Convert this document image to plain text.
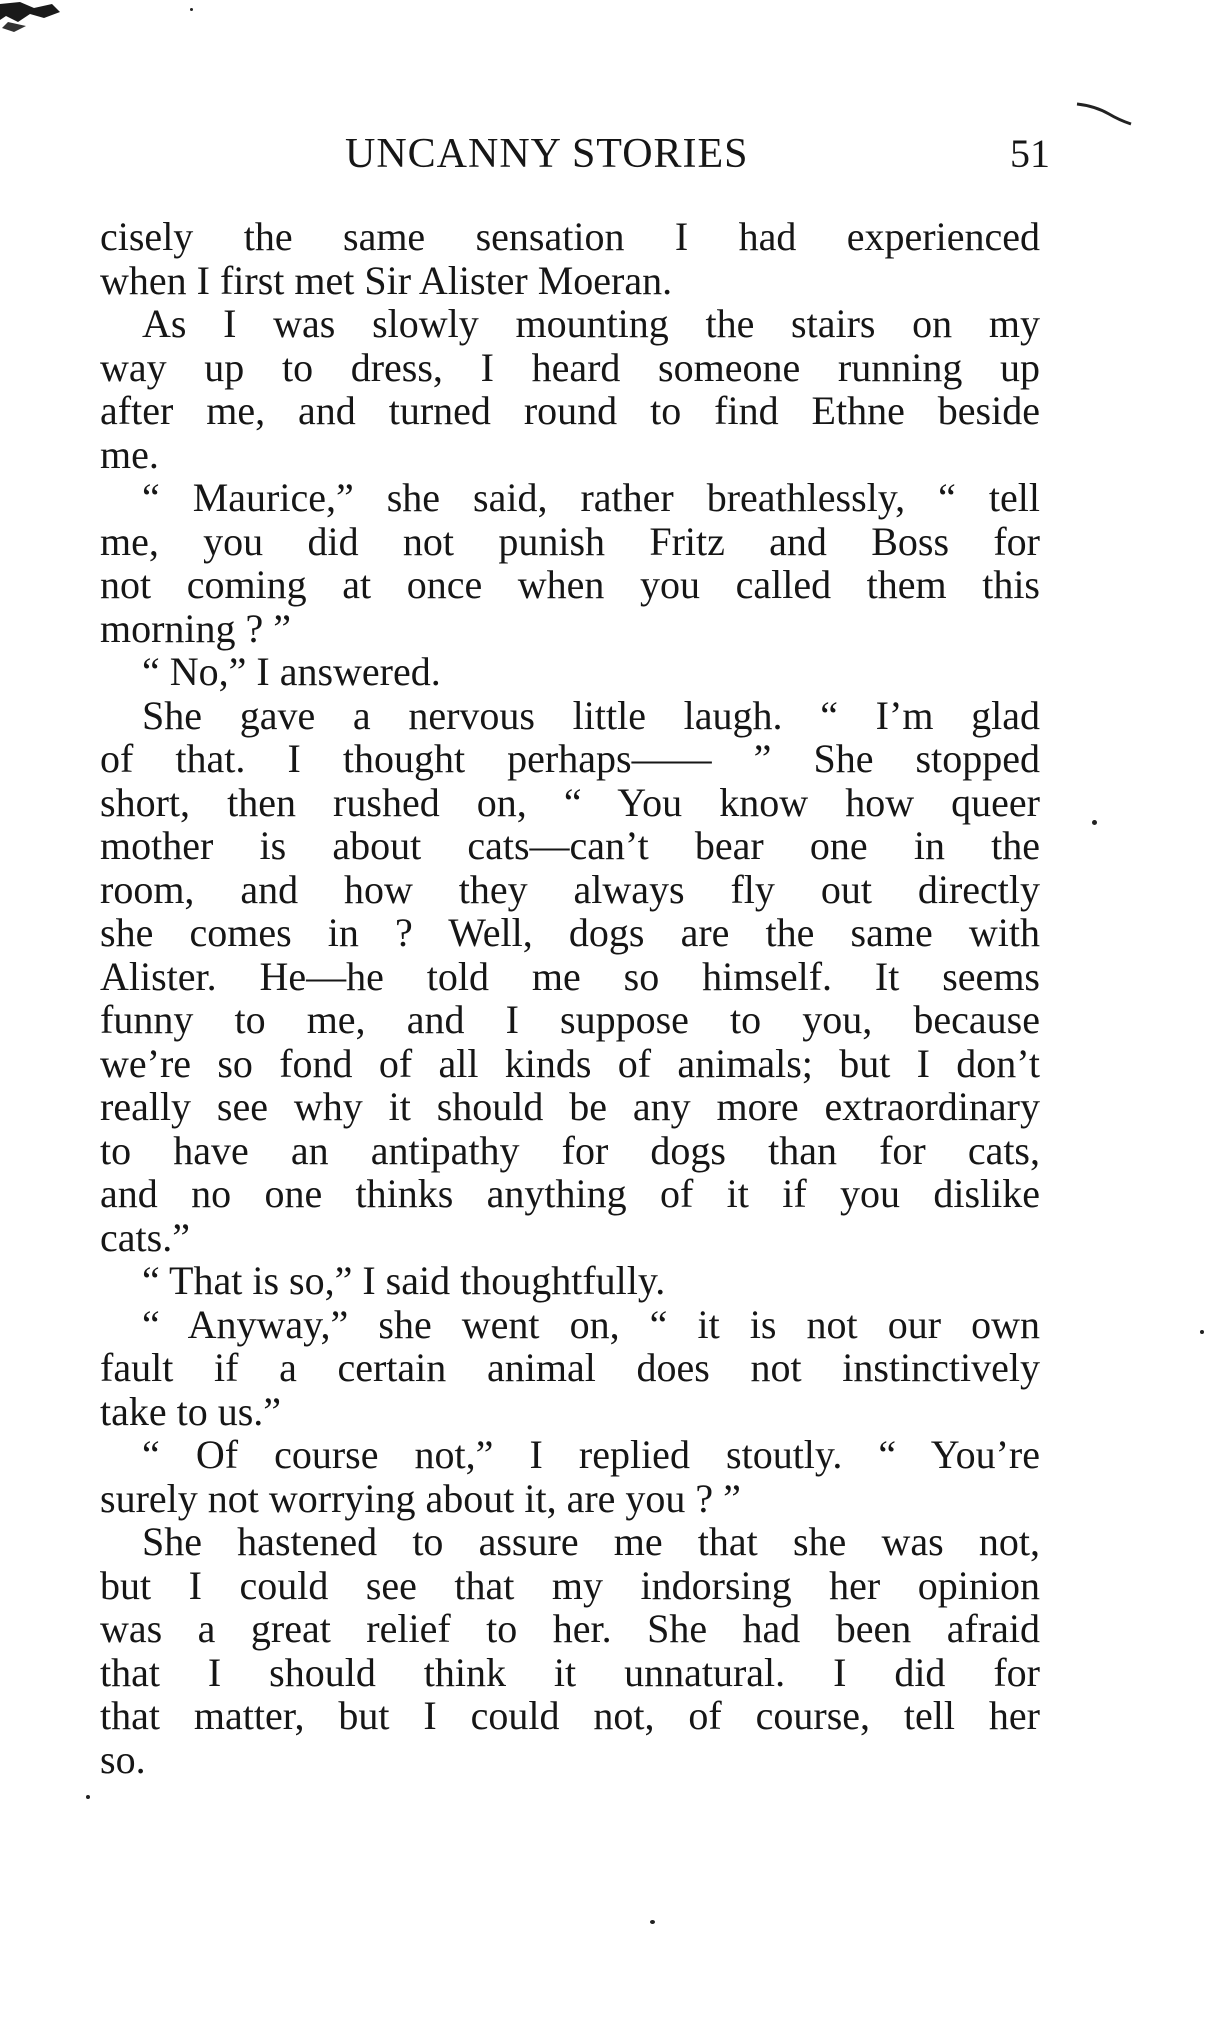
UNCANNY STORIES	51
cisely the same sensation I had experienced
when I first met Sir Alister Moeran.
As I was slowly mounting the stairs on my
way up to dress, I heard someone running up
after me, and turned round to find Ethne beside
me.
“ Maurice,” she said, rather breathlessly, “ tell
me, you did not punish Fritz and Boss for
not coming at once when you called them this
morning ? ”
“ No,” I answered.
She gave a nervous little laugh. “ I’m glad
of that. I thought perhaps—— ” She stopped
short, then rushed on, “ You know how queer
mother is about cats—can’t bear one in the
room, and how they always fly out directly
she comes in ? Well, dogs are the same with
Alister. He—he told me so himself. It seems
funny to me, and I suppose to you, because
we’re so fond of all kinds of animals; but I don’t
really see why it should be any more extraordinary
to have an antipathy for dogs than for cats,
and no one thinks anything of it if you dislike
cats.”
“ That is so,” I said thoughtfully.
“ Anyway,” she went on, “ it is not our own
fault if a certain animal does not instinctively
take to us.”
“ Of course not,” I replied stoutly. “ You’re
surely not worrying about it, are you ? ”
She hastened to assure me that she was not,
but I could see that my indorsing her opinion
was a great relief to her. She had been afraid
that I should think it unnatural. I did for
that matter, but I could not, of course, tell her
so.
